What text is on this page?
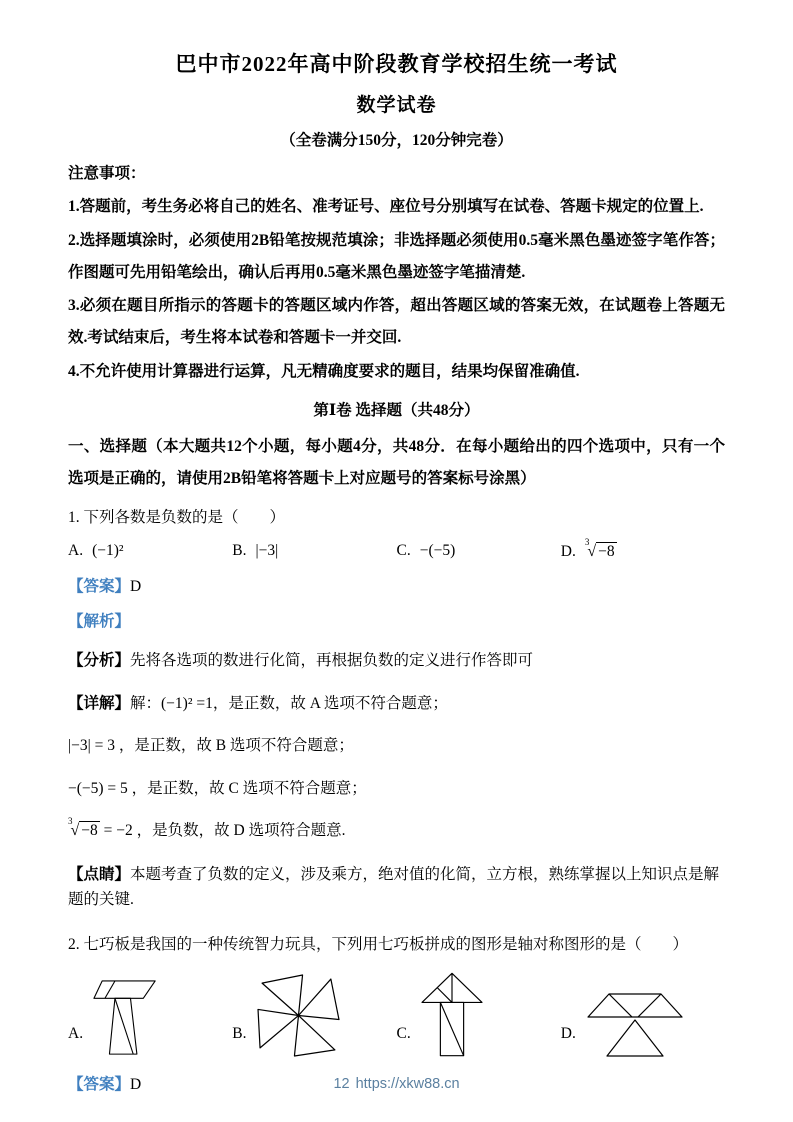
巴中市2022年高中阶段教育学校招生统一考试
数学试卷

（全卷满分150分，120分钟完卷）

注意事项：

1.答题前，考生务必将自己的姓名、准考证号、座位号分别填写在试卷、答题卡规定的位置上.

2.选择题填涂时，必须使用2B铅笔按规范填涂；非选择题必须使用0.5毫米黑色墨迹签字笔作答；作图题可先用铅笔绘出，确认后再用0.5毫米黑色墨迹签字笔描清楚.

3.必须在题目所指示的答题卡的答题区域内作答，超出答题区域的答案无效，在试题卷上答题无效.考试结束后，考生将本试卷和答题卡一并交回.

4.不允许使用计算器进行运算，凡无精确度要求的题目，结果均保留准确值.

第Ⅰ卷 选择题（共48分）

一、选择题（本大题共12个小题，每小题4分，共48分．在每小题给出的四个选项中，只有一个选项是正确的，请使用2B铅笔将答题卡上对应题号的答案标号涂黑）

1. 下列各数是负数的是（　　）

A. (−1)²	B. |−3|	C. −(−5)	D.
$^3$√ −8

【答案】D

【解析】

【分析】先将各选项的数进行化简，再根据负数的定义进行作答即可

【详解】解：(−1)² =1，是正数，故 A 选项不符合题意；

|−3| = 3 ，是正数，故 B 选项不符合题意；

−(−5) = 5 ，是正数，故 C 选项不符合题意；

$^3$√ −8 = −2 ，是负数，故 D 选项符合题意.

【点睛】本题考查了负数的定义，涉及乘方，绝对值的化简，立方根，熟练掌握以上知识点是解题的关键.

2. 七巧板是我国的一种传统智力玩具，下列用七巧板拼成的图形是轴对称图形的是（　　）

A.	B.	C.	D.

【答案】D	12 https://xkw88.cn
